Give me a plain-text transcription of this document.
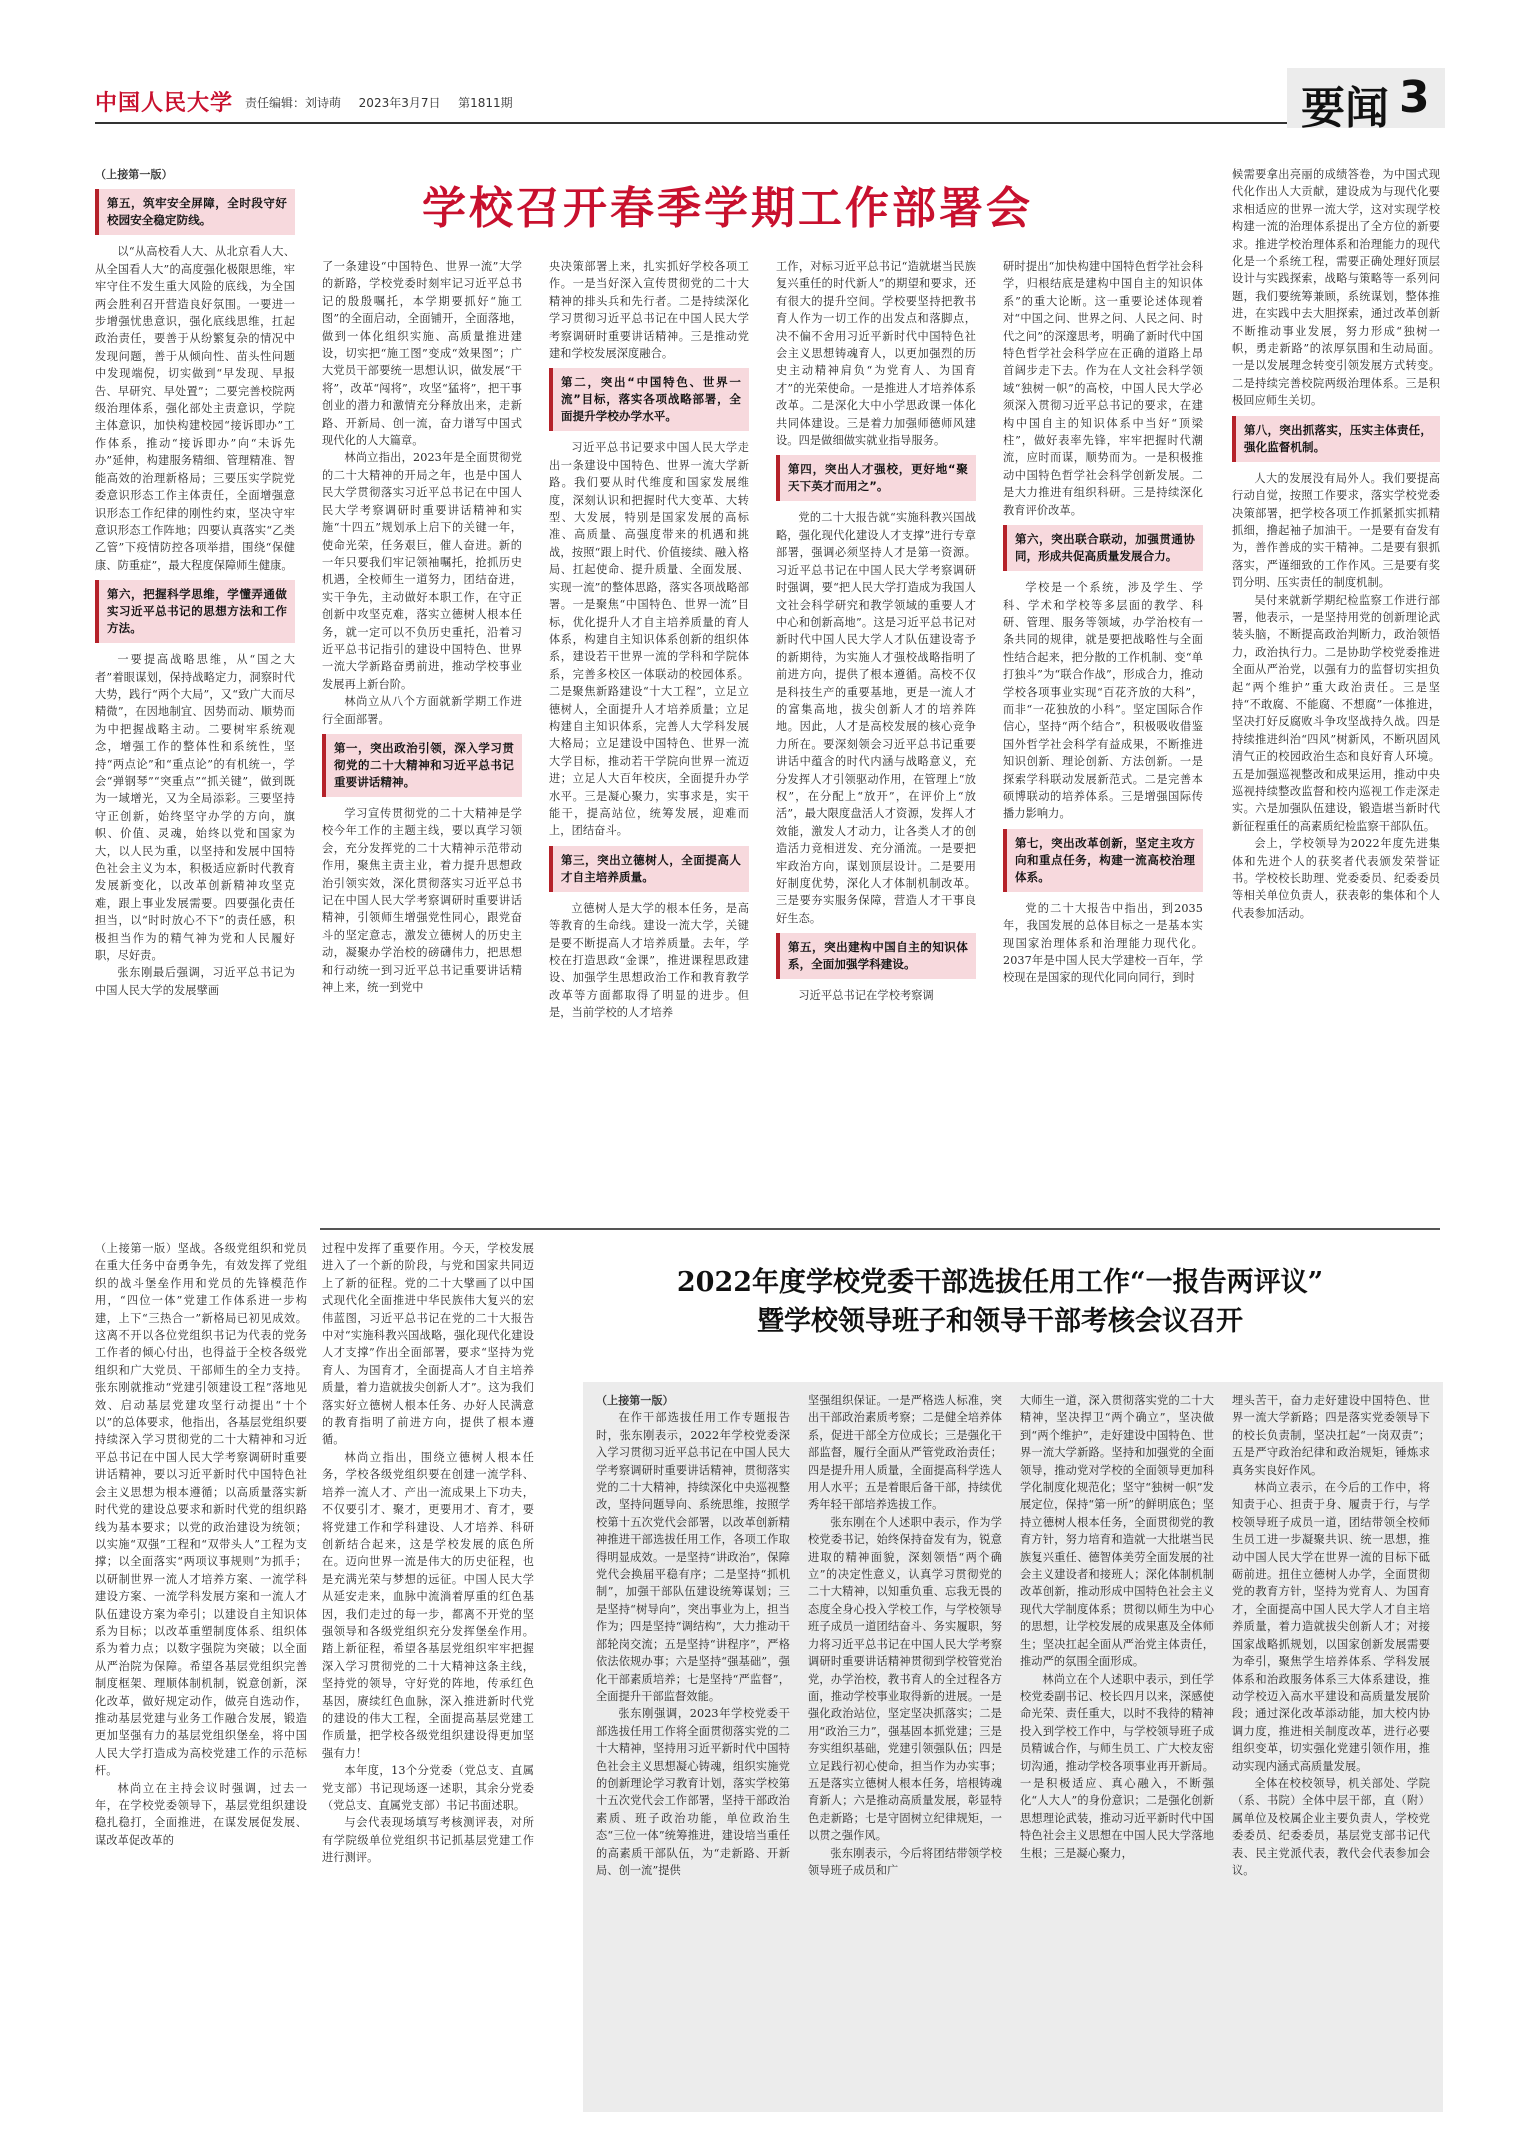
中国人民大学 责任编辑：刘诗萌 2023年3月7日 第1811期	要闻 3
学校召开春季学期工作部署会

（上接第一版）

第五，筑牢安全屏障，全时段守好校园安全稳定防线。

以“从高校看人大、从北京看人大、从全国看人大”的高度强化极限思维，牢牢守住不发生重大风险的底线，为全国两会胜利召开营造良好氛围。一要进一步增强忧患意识，强化底线思维，扛起政治责任，要善于从纷繁复杂的情况中发现问题，善于从倾向性、苗头性问题中发现端倪，切实做到“早发现、早报告、早研究、早处置”；二要完善校院两级治理体系，强化部处主责意识，学院主体意识，加快构建校园“接诉即办”工作体系，推动“接诉即办”向“未诉先办”延伸，构建服务精细、管理精准、智能高效的治理新格局；三要压实学院党委意识形态工作主体责任，全面增强意识形态工作纪律的刚性约束，坚决守牢意识形态工作阵地；四要认真落实“乙类乙管”下疫情防控各项举措，围绕“保健康、防重症”，最大程度保障师生健康。

第六，把握科学思维，学懂弄通做实习近平总书记的思想方法和工作方法。

一要提高战略思维，从“国之大者”着眼谋划，保持战略定力，洞察时代大势，践行“两个大局”，又“致广大而尽精微”，在因地制宜、因势而动、顺势而为中把握战略主动。二要树牢系统观念，增强工作的整体性和系统性，坚持“两点论”和“重点论”的有机统一，学会“弹钢琴”“突重点”“抓关键”，做到既为一域增光，又为全局添彩。三要坚持守正创新，始终坚守办学的方向，旗帜、价值、灵魂，始终以党和国家为大，以人民为重，以坚持和发展中国特色社会主义为本，积极适应新时代教育发展新变化，以改革创新精神攻坚克难，跟上事业发展需要。四要强化责任担当，以“时时放心不下”的责任感，积极担当作为的精气神为党和人民履好职，尽好责。

张东刚最后强调，习近平总书记为中国人民大学的发展擘画

了一条建设“中国特色、世界一流”大学的新路，学校党委时刻牢记习近平总书记的殷殷嘱托，本学期要抓好“施工图”的全面启动，全面铺开，全面落地，做到一体化组织实施、高质量推进建设，切实把“施工图”变成“效果图”；广大党员干部要统一思想认识，做发展“干将”，改革“闯将”，攻坚“猛将”，把干事创业的潜力和激情充分释放出来，走新路、开新局、创一流，奋力谱写中国式现代化的人大篇章。

林尚立指出，2023年是全面贯彻党的二十大精神的开局之年，也是中国人民大学贯彻落实习近平总书记在中国人民大学考察调研时重要讲话精神和实施“十四五”规划承上启下的关键一年，使命光荣，任务艰巨，催人奋进。新的一年只要我们牢记领袖嘱托，抢抓历史机遇，全校师生一道努力，团结奋进，实干争先，主动做好本职工作，在守正创新中攻坚克难，落实立德树人根本任务，就一定可以不负历史重托，沿着习近平总书记指引的建设中国特色、世界一流大学新路奋勇前进，推动学校事业发展再上新台阶。

林尚立从八个方面就新学期工作进行全面部署。

第一，突出政治引领，深入学习贯彻党的二十大精神和习近平总书记重要讲话精神。

学习宣传贯彻党的二十大精神是学校今年工作的主题主线，要以真学习领会，充分发挥党的二十大精神示范带动作用，聚焦主责主业，着力提升思想政治引领实效，深化贯彻落实习近平总书记在中国人民大学考察调研时重要讲话精神，引领师生增强党性同心，跟党奋斗的坚定意志，激发立德树人的历史主动，凝聚办学治校的磅礴伟力，把思想和行动统一到习近平总书记重要讲话精神上来，统一到党中

央决策部署上来，扎实抓好学校各项工作。一是当好深入宣传贯彻党的二十大精神的排头兵和先行者。二是持续深化学习贯彻习近平总书记在中国人民大学考察调研时重要讲话精神。三是推动党建和学校发展深度融合。

第二，突出“中国特色、世界一流”目标，落实各项战略部署，全面提升学校办学水平。

习近平总书记要求中国人民大学走出一条建设中国特色、世界一流大学新路。我们要从时代维度和国家发展维度，深刻认识和把握时代大变革、大转型、大发展，特别是国家发展的高标准、高质量、高强度带来的机遇和挑战，按照“跟上时代、价值接续、融入格局、扛起使命、提升质量、全面发展、实现一流”的整体思路，落实各项战略部署。一是聚焦“中国特色、世界一流”目标，优化提升人才自主培养质量的育人体系，构建自主知识体系创新的组织体系，建设若干世界一流的学科和学院体系，完善多校区一体联动的校园体系。二是聚焦新路建设“十大工程”，立足立德树人，全面提升人才培养质量；立足构建自主知识体系，完善人大学科发展大格局；立足建设中国特色、世界一流大学目标，推动若干学院向世界一流迈进；立足人大百年校庆，全面提升办学水平。三是凝心聚力，实事求是，实干能干，提高站位，统筹发展，迎难而上，团结奋斗。

第三，突出立德树人，全面提高人才自主培养质量。

立德树人是大学的根本任务，是高等教育的生命线。建设一流大学，关键是要不断提高人才培养质量。去年，学校在打造思政“金课”，推进课程思政建设、加强学生思想政治工作和教育教学改革等方面都取得了明显的进步。但是，当前学校的人才培养

工作，对标习近平总书记“造就堪当民族复兴重任的时代新人”的期望和要求，还有很大的提升空间。学校要坚持把教书育人作为一切工作的出发点和落脚点，决不偏不舍用习近平新时代中国特色社会主义思想铸魂育人，以更加强烈的历史主动精神肩负“为党育人、为国育才”的光荣使命。一是推进人才培养体系改革。二是深化大中小学思政课一体化共同体建设。三是着力加强师德师风建设。四是做细做实就业指导服务。

第四，突出人才强校，更好地“聚天下英才而用之”。

党的二十大报告就“实施科教兴国战略，强化现代化建设人才支撑”进行专章部署，强调必须坚持人才是第一资源。习近平总书记在中国人民大学考察调研时强调，要“把人民大学打造成为我国人文社会科学研究和教学领域的重要人才中心和创新高地”。这是习近平总书记对新时代中国人民大学人才队伍建设寄予的新期待，为实施人才强校战略指明了前进方向，提供了根本遵循。高校不仅是科技生产的重要基地，更是一流人才的富集高地，拔尖创新人才的培养阵地。因此，人才是高校发展的核心竞争力所在。要深刻领会习近平总书记重要讲话中蕴含的时代内涵与战略意义，充分发挥人才引领驱动作用，在管理上“放权”，在分配上“放开”，在评价上“放活”，最大限度盘活人才资源，发挥人才效能，激发人才动力，让各类人才的创造活力竞相迸发、充分涌流。一是要把牢政治方向，谋划顶层设计。二是要用好制度优势，深化人才体制机制改革。三是要夯实服务保障，营造人才干事良好生态。

第五，突出建构中国自主的知识体系，全面加强学科建设。

习近平总书记在学校考察调

研时提出“加快构建中国特色哲学社会科学，归根结底是建构中国自主的知识体系”的重大论断。这一重要论述体现着对“中国之问、世界之问、人民之问、时代之问”的深邃思考，明确了新时代中国特色哲学社会科学应在正确的道路上昂首阔步走下去。作为在人文社会科学领域“独树一帜”的高校，中国人民大学必须深入贯彻习近平总书记的要求，在建构中国自主的知识体系中当好“顶梁柱”，做好表率先锋，牢牢把握时代潮流，应时而谋，顺势而为。一是积极推动中国特色哲学社会科学创新发展。二是大力推进有组织科研。三是持续深化教育评价改革。

第六，突出联合联动，加强贯通协同，形成共促高质量发展合力。

学校是一个系统，涉及学生、学科、学术和学校等多层面的教学、科研、管理、服务等领域，办学治校有一条共同的规律，就是要把战略性与全面性结合起来，把分散的工作机制、变“单打独斗”为“联合作战”，形成合力，推动学校各项事业实现“百花齐放的大科”，而非“一花独放的小科”。坚定国际合作信心，坚持“两个结合”，积极吸收借鉴国外哲学社会科学有益成果，不断推进知识创新、理论创新、方法创新。一是探索学科联动发展新范式。二是完善本硕博联动的培养体系。三是增强国际传播力影响力。

第七，突出改革创新，坚定主攻方向和重点任务，构建一流高校治理体系。

党的二十大报告中指出，到2035年，我国发展的总体目标之一是基本实现国家治理体系和治理能力现代化。2037年是中国人民大学建校一百年，学校现在是国家的现代化同向同行，到时

候需要拿出亮丽的成绩答卷，为中国式现代化作出人大贡献，建设成为与现代化要求相适应的世界一流大学，这对实现学校构建一流的治理体系提出了全方位的新要求。推进学校治理体系和治理能力的现代化是一个系统工程，需要正确处理好顶层设计与实践探索，战略与策略等一系列问题，我们要统筹兼顾，系统谋划，整体推进，在实践中去大胆探索，通过改革创新不断推动事业发展，努力形成“独树一帜，勇走新路”的浓厚氛围和生动局面。一是以发展理念转变引领发展方式转变。二是持续完善校院两级治理体系。三是积极回应师生关切。

第八，突出抓落实，压实主体责任，强化监督机制。

人大的发展没有局外人。我们要提高行动自觉，按照工作要求，落实学校党委决策部署，把学校各项工作抓紧抓实抓精抓细，撸起袖子加油干。一是要有奋发有为，善作善成的实干精神。二是要有狠抓落实，严谨细致的工作作风。三是要有奖罚分明、压实责任的制度机制。

吴付来就新学期纪检监察工作进行部署，他表示，一是坚持用党的创新理论武装头脑，不断提高政治判断力，政治领悟力，政治执行力。二是协助学校党委推进全面从严治党，以强有力的监督切实担负起“两个维护”重大政治责任。三是坚持“不敢腐、不能腐、不想腐”一体推进，坚决打好反腐败斗争攻坚战持久战。四是持续推进纠治“四风”树新风，不断巩固风清气正的校园政治生态和良好育人环境。五是加强巡视整改和成果运用，推动中央巡视持续整改监督和校内巡视工作走深走实。六是加强队伍建设，锻造堪当新时代新征程重任的高素质纪检监察干部队伍。

会上，学校领导为2022年度先进集体和先进个人的获奖者代表颁发荣誉证书。学校校长助理、党委委员、纪委委员等相关单位负责人，获表彰的集体和个人代表参加活动。

（上接第一版）坚战。各级党组织和党员在重大任务中奋勇争先，有效发挥了党组织的战斗堡垒作用和党员的先锋模范作用，“四位一体”党建工作体系进一步构建，上下“三热合一”新格局已初见成效。这离不开以各位党组织书记为代表的党务工作者的倾心付出，也得益于全校各级党组织和广大党员、干部师生的全力支持。张东刚就推动“党建引领建设工程”落地见效、启动基层党建攻坚行动提出“十个以”的总体要求，他指出，各基层党组织要持续深入学习贯彻党的二十大精神和习近平总书记在中国人民大学考察调研时重要讲话精神，要以习近平新时代中国特色社会主义思想为根本遵循；以高质量落实新时代党的建设总要求和新时代党的组织路线为基本要求；以党的政治建设为统领；以实施“双强”工程和“双带头人”工程为支撑；以全面落实“两项议事规则”为抓手；以研制世界一流人才培养方案、一流学科建设方案、一流学科发展方案和一流人才队伍建设方案为牵引；以建设自主知识体系为目标；以改革重塑制度体系、组织体系为着力点；以数字强院为突破；以全面从严治院为保障。希望各基层党组织完善制度框架、理顺体制机制，锐意创新，深化改革，做好规定动作，做亮自选动作，推动基层党建与业务工作融合发展，锻造更加坚强有力的基层党组织堡垒，将中国人民大学打造成为高校党建工作的示范标杆。

林尚立在主持会议时强调，过去一年，在学校党委领导下，基层党组织建设稳扎稳打，全面推进，在谋发展促发展、谋改革促改革的

过程中发挥了重要作用。今天，学校发展进入了一个新的阶段，与党和国家共同迈上了新的征程。党的二十大擘画了以中国式现代化全面推进中华民族伟大复兴的宏伟蓝图，习近平总书记在党的二十大报告中对“实施科教兴国战略，强化现代化建设人才支撑”作出全面部署，要求“坚持为党育人、为国育才，全面提高人才自主培养质量，着力造就拔尖创新人才”。这为我们落实好立德树人根本任务、办好人民满意的教育指明了前进方向，提供了根本遵循。

林尚立指出，围绕立德树人根本任务，学校各级党组织要在创建一流学科、培养一流人才、产出一流成果上下功夫，不仅要引才、聚才，更要用才、育才，要将党建工作和学科建设、人才培养、科研创新结合起来，这是学校发展的底色所在。迈向世界一流是伟大的历史征程，也是充满光荣与梦想的远征。中国人民大学从延安走来，血脉中流淌着厚重的红色基因，我们走过的每一步，都离不开党的坚强领导和各级党组织充分发挥堡垒作用。踏上新征程，希望各基层党组织牢牢把握深入学习贯彻党的二十大精神这条主线，坚持党的领导，守好党的阵地，传承红色基因，赓续红色血脉，深入推进新时代党的建设的伟大工程，全面提高基层党建工作质量，把学校各级党组织建设得更加坚强有力！

本年度，13个分党委（党总支、直属党支部）书记现场逐一述职，其余分党委（党总支、直属党支部）书记书面述职。

与会代表现场填写考核测评表，对所有学院级单位党组织书记抓基层党建工作进行测评。

2022年度学校党委干部选拔任用工作“一报告两评议”
暨学校领导班子和领导干部考核会议召开

（上接第一版）

在作干部选拔任用工作专题报告时，张东刚表示，2022年学校党委深入学习贯彻习近平总书记在中国人民大学考察调研时重要讲话精神，贯彻落实党的二十大精神，持续深化中央巡视整改，坚持问题导向、系统思维，按照学校第十五次党代会部署，以改革创新精神推进干部选拔任用工作，各项工作取得明显成效。一是坚持“讲政治”，保障党代会换届平稳有序；二是坚持“抓机制”，加强干部队伍建设统筹谋划；三是坚持“树导向”，突出事业为上，担当作为；四是坚持“调结构”，大力推动干部轮岗交流；五是坚持“讲程序”，严格依法依规办事；六是坚持“强基础”，强化干部素质培养；七是坚持“严监督”，全面提升干部监督效能。

张东刚强调，2023年学校党委干部选拔任用工作将全面贯彻落实党的二十大精神，坚持用习近平新时代中国特色社会主义思想凝心铸魂，组织实施党的创新理论学习教育计划，落实学校第十五次党代会工作部署，坚持干部政治素质、班子政治功能，单位政治生态“三位一体”统筹推进，建设培当重任的高素质干部队伍，为“走新路、开新局、创一流”提供

坚强组织保证。一是严格选人标准，突出干部政治素质考察；二是健全培养体系，促进干部全方位成长；三是强化干部监督，履行全面从严管党政治责任；四是提升用人质量，全面提高科学选人用人水平；五是着眼后备干部，持续优秀年轻干部培养选拔工作。

张东刚在个人述职中表示，作为学校党委书记，始终保持奋发有为，锐意进取的精神面貌，深刻领悟“两个确立”的决定性意义，认真学习贯彻党的二十大精神，以知重负重、忘我无畏的态度全身心投入学校工作，与学校领导班子成员一道团结奋斗、务实履职，努力将习近平总书记在中国人民大学考察调研时重要讲话精神贯彻到学校管党治党，办学治校，教书育人的全过程各方面，推动学校事业取得新的进展。一是强化政治站位，坚定坚决抓落实；二是用“政治三力”，强基固本抓党建；三是夯实组织基础，党建引领强队伍；四是立足践行初心使命，担当作为办实事；五是落实立德树人根本任务，培根铸魂育新人；六是推动高质量发展，彰显特色走新路；七是守固树立纪律规矩，一以贯之强作风。

张东刚表示，今后将团结带领学校领导班子成员和广

大师生一道，深入贯彻落实党的二十大精神，坚决捍卫“两个确立”，坚决做到“两个维护”，走好建设中国特色、世界一流大学新路。坚持和加强党的全面领导，推动党对学校的全面领导更加科学化制度化规范化；坚守“独树一帜”发展定位，保持“第一所”的鲜明底色；坚持立德树人根本任务，全面贯彻党的教育方针，努力培育和造就一大批堪当民族复兴重任、德智体美劳全面发展的社会主义建设者和接班人；深化体制机制改革创新，推动形成中国特色社会主义现代大学制度体系；贯彻以师生为中心的思想，让学校发展的成果惠及全体师生；坚决扛起全面从严治党主体责任，推动严的氛围全面形成。

林尚立在个人述职中表示，到任学校党委副书记、校长四月以来，深感使命光荣、责任重大，以时不我待的精神投入到学校工作中，与学校领导班子成员精诚合作，与师生员工、广大校友密切沟通，推动学校各项事业再开新局。一是积极适应、真心融入，不断强化“人大人”的身份意识；二是强化创新思想理论武装，推动习近平新时代中国特色社会主义思想在中国人民大学落地生根；三是凝心聚力，

埋头苦干，奋力走好建设中国特色、世界一流大学新路；四是落实党委领导下的校长负责制，坚决扛起“一岗双责”；五是严守政治纪律和政治规矩，锤炼求真务实良好作风。

林尚立表示，在今后的工作中，将知责于心、担责于身、履责于行，与学校领导班子成员一道，团结带领全校师生员工进一步凝聚共识、统一思想，推动中国人民大学在世界一流的目标下砥砺前进。扭住立德树人办学，全面贯彻党的教育方针，坚持为党育人、为国育才，全面提高中国人民大学人才自主培养质量，着力造就拔尖创新人才；对接国家战略抓规划，以国家创新发展需要为牵引，聚焦学生培养体系、学科发展体系和治政服务体系三大体系建设，推动学校迈入高水平建设和高质量发展阶段；通过深化改革添动能，加大校内协调力度，推进相关制度改革，进行必要组织变革，切实强化党建引领作用，推动实现内涵式高质量发展。

全体在校校领导，机关部处、学院（系、书院）全体中层干部，直（附）属单位及校属企业主要负责人，学校党委委员、纪委委员，基层党支部书记代表、民主党派代表，教代会代表参加会议。
